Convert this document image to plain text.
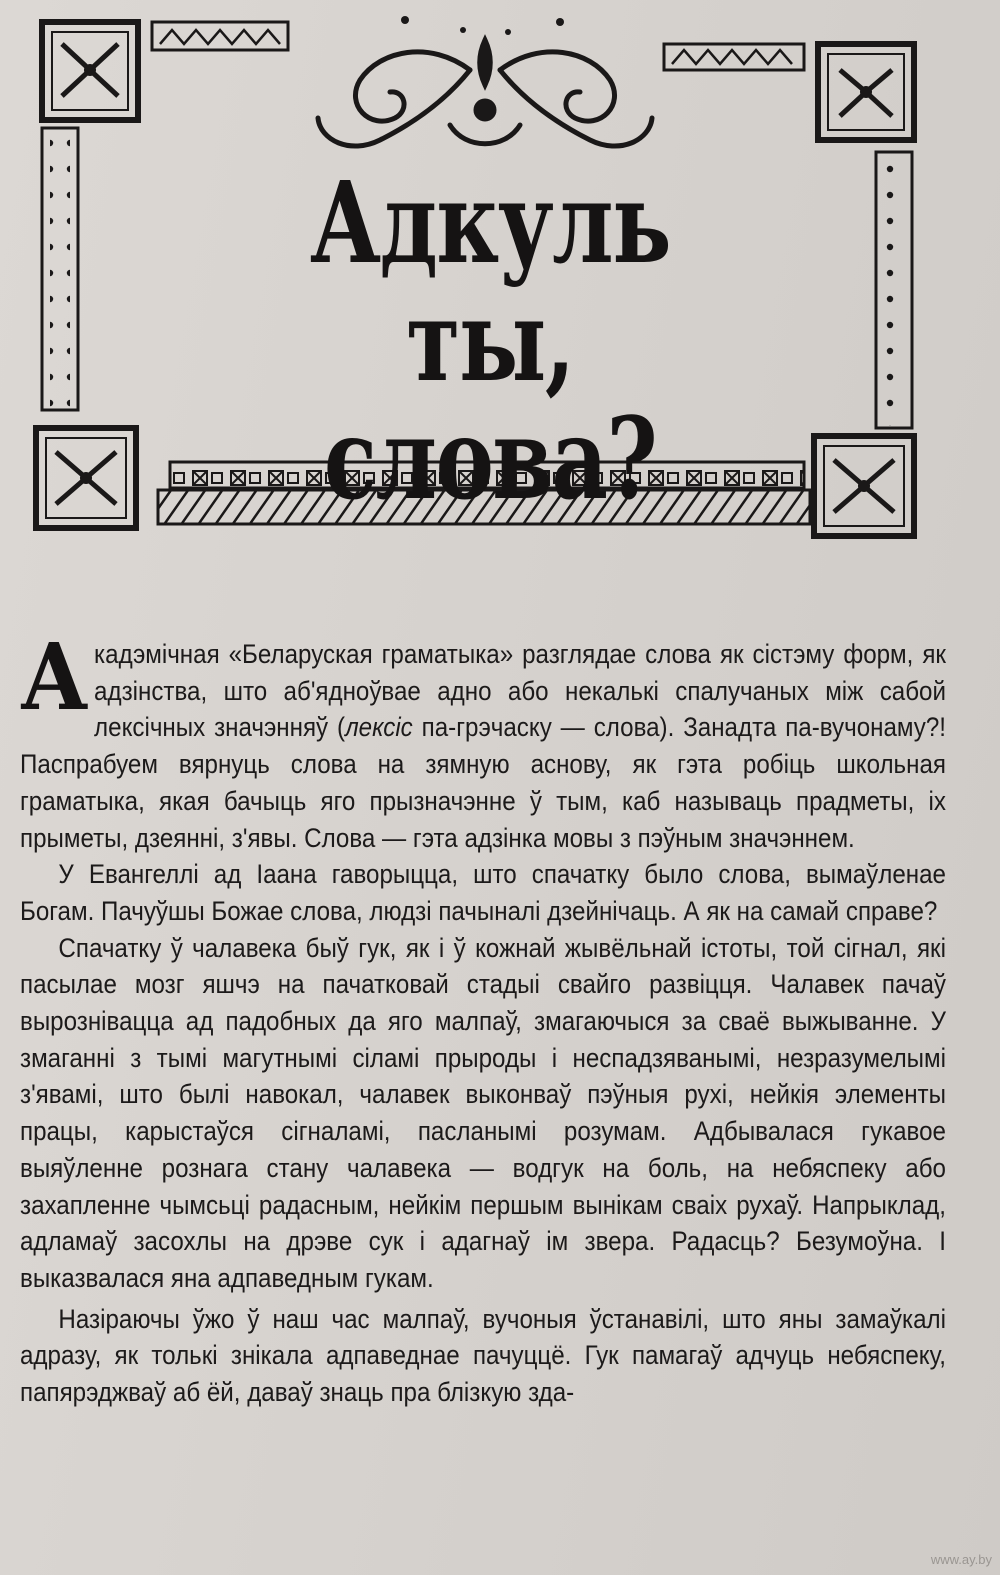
Адкуль ты,
слова?

Акадэмічная «Беларуская граматыка» разглядае слова як сістэму форм, як адзінства, што аб'ядноўвае адно або некалькі спалучаных між сабой лексічных значэнняў (лексіс па-грэчаску — слова). Занадта па-вучонаму?! Паспрабуем вярнуць слова на зямную аснову, як гэта робіць школьная граматыка, якая бачыць яго прызначэнне ў тым, каб называць прадметы, іх прыметы, дзеянні, з'явы. Слова — гэта адзінка мовы з пэўным значэннем.

У Евангеллі ад Іаана гаворыцца, што спачатку было слова, вымаўленае Богам. Пачуўшы Божае слова, людзі пачыналі дзейнічаць. А як на самай справе?

Спачатку ў чалавека быў гук, як і ў кожнай жывёльнай істоты, той сігнал, які пасылае мозг яшчэ на пачатковай стадыі свайго развіцця. Чалавек пачаў вырозніваццa ад падобных да яго малпаў, змагаючыся за сваё выжыванне. У змаганні з тымі магутнымі сіламі прыроды і неспадзяванымі, незразумелымі з'явамі, што былі навокал, чалавек выконваў пэўныя рухі, нейкія элементы працы, карыстаўся сігналамі, пасланымі розумам. Адбывалася гукавое выяўленне рознага стану чалавека — водгук на боль, на небяспеку або захапленне чымсьці радасным, нейкім першым вынікам сваіх рухаў. Напрыклад, адламаў засохлы на дрэве сук і адагнаў ім звера. Радасць? Безумоўна. І выказвалася яна адпаведным гукам.

Назіраючы ўжо ў наш час малпаў, вучоныя ўстанавілі, што яны замаўкалі адразу, як толькі знікала адпаведнае пачуццё. Гук памагаў адчуць небяспеку, папярэджваў аб ёй, даваў знаць пра блізкую зда-

www.ay.by
